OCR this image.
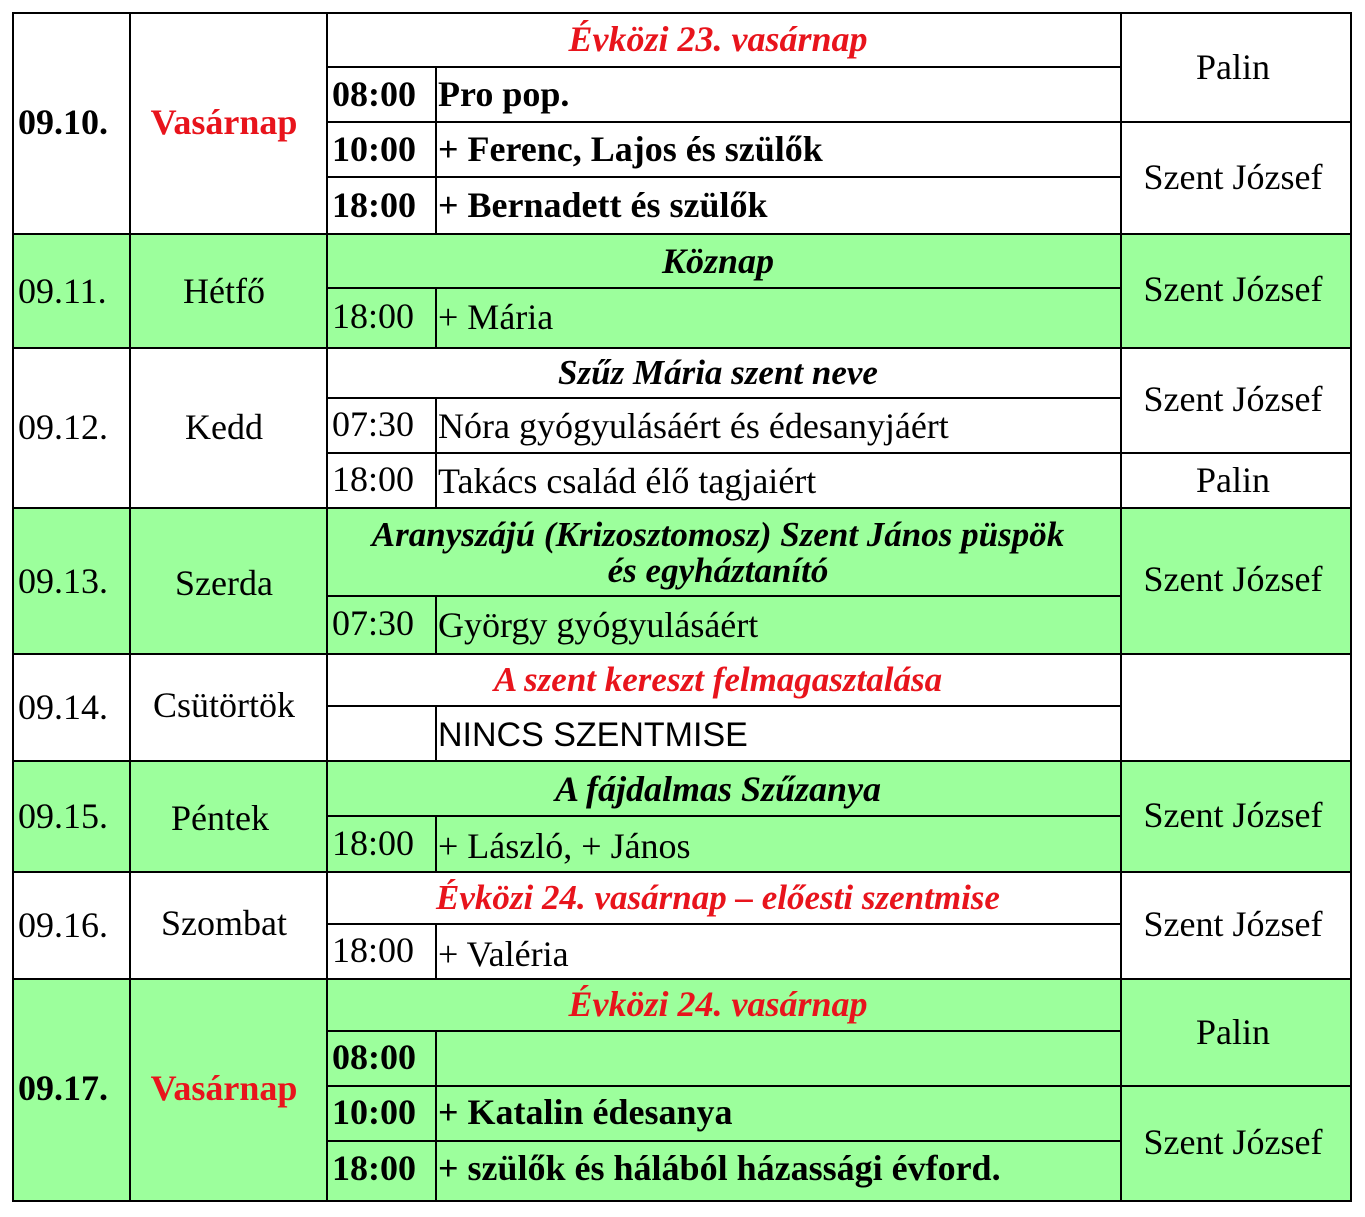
09.10. Vasárnap
Évközi 23. vasárnap
08:00 Pro pop.
10:00 + Ferenc, Lajos és szülők
18:00 + Bernadett és szülők
Palin
Szent József
09.11. Hétfő
Köznap
18:00 + Mária
Szent József
09.12. Kedd
Szűz Mária szent neve
07:30 Nóra gyógyulásáért és édesanyjáért
18:00 Takács család élő tagjaiért
Szent József
Palin
09.13. Szerda
Aranyszájú (Krizosztomosz) Szent János püspök
és egyháztanító
07:30 György gyógyulásáért
Szent József
09.14. Csütörtök
A szent kereszt felmagasztalása
NINCS SZENTMISE
09.15. Péntek
A fájdalmas Szűzanya
18:00 + László, + János
Szent József
09.16. Szombat
Évközi 24. vasárnap – előesti szentmise
18:00 + Valéria
Szent József
09.17. Vasárnap
Évközi 24. vasárnap
08:00
10:00 + Katalin édesanya
18:00 + szülők és hálából házassági évford.
Palin
Szent József
